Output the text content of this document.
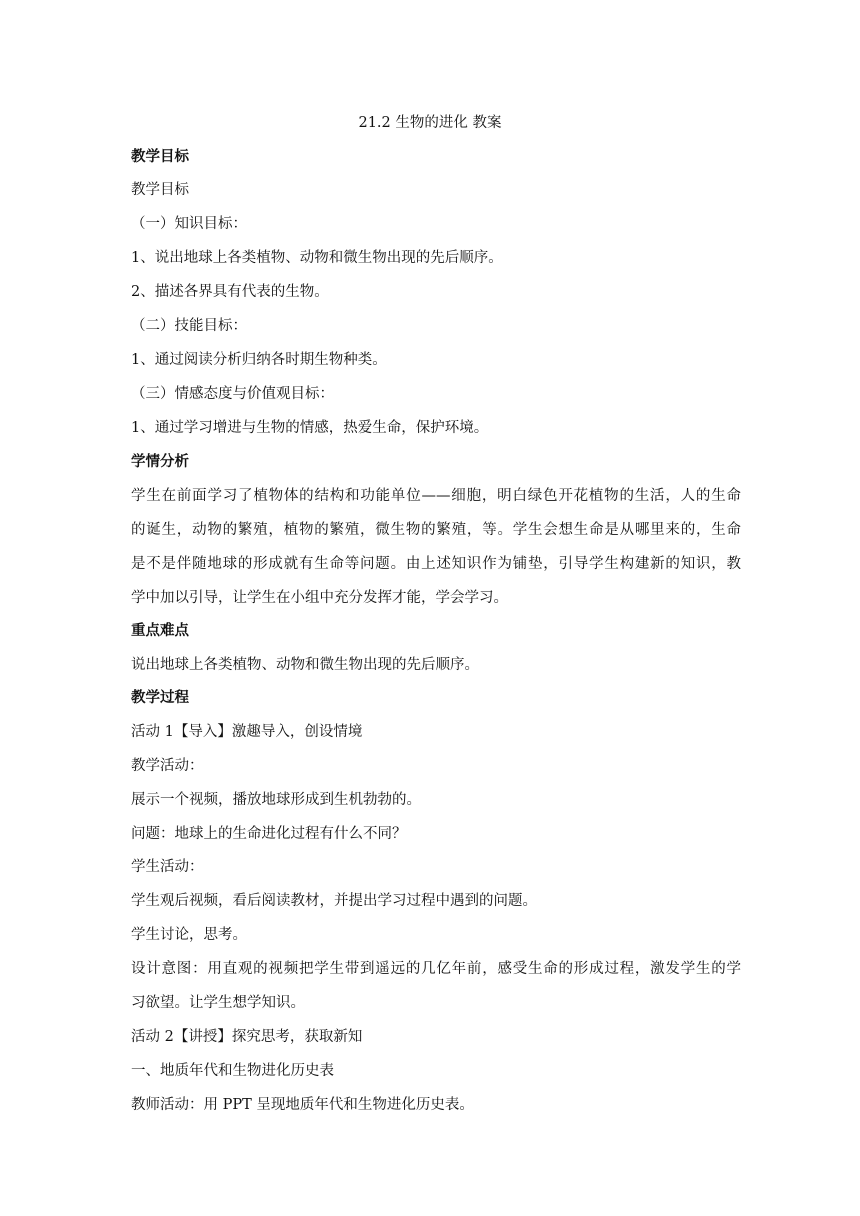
21.2 生物的进化 教案
教学目标
教学目标
（一）知识目标：
1、说出地球上各类植物、动物和微生物出现的先后顺序。
2、描述各界具有代表的生物。
（二）技能目标：
1、通过阅读分析归纳各时期生物种类。
（三）情感态度与价值观目标：
1、通过学习增进与生物的情感，热爱生命，保护环境。
学情分析
学生在前面学习了植物体的结构和功能单位——细胞，明白绿色开花植物的生活，人的生命
的诞生，动物的繁殖，植物的繁殖，微生物的繁殖，等。学生会想生命是从哪里来的，生命
是不是伴随地球的形成就有生命等问题。由上述知识作为铺垫，引导学生构建新的知识，教
学中加以引导，让学生在小组中充分发挥才能，学会学习。
重点难点
说出地球上各类植物、动物和微生物出现的先后顺序。
教学过程
活动 1【导入】激趣导入，创设情境
教学活动：
展示一个视频，播放地球形成到生机勃勃的。
问题：地球上的生命进化过程有什么不同？
学生活动：
学生观后视频，看后阅读教材，并提出学习过程中遇到的问题。
学生讨论，思考。
设计意图：用直观的视频把学生带到遥远的几亿年前，感受生命的形成过程，激发学生的学
习欲望。让学生想学知识。
活动 2【讲授】探究思考，获取新知
一、地质年代和生物进化历史表
教师活动：用 PPT 呈现地质年代和生物进化历史表。
